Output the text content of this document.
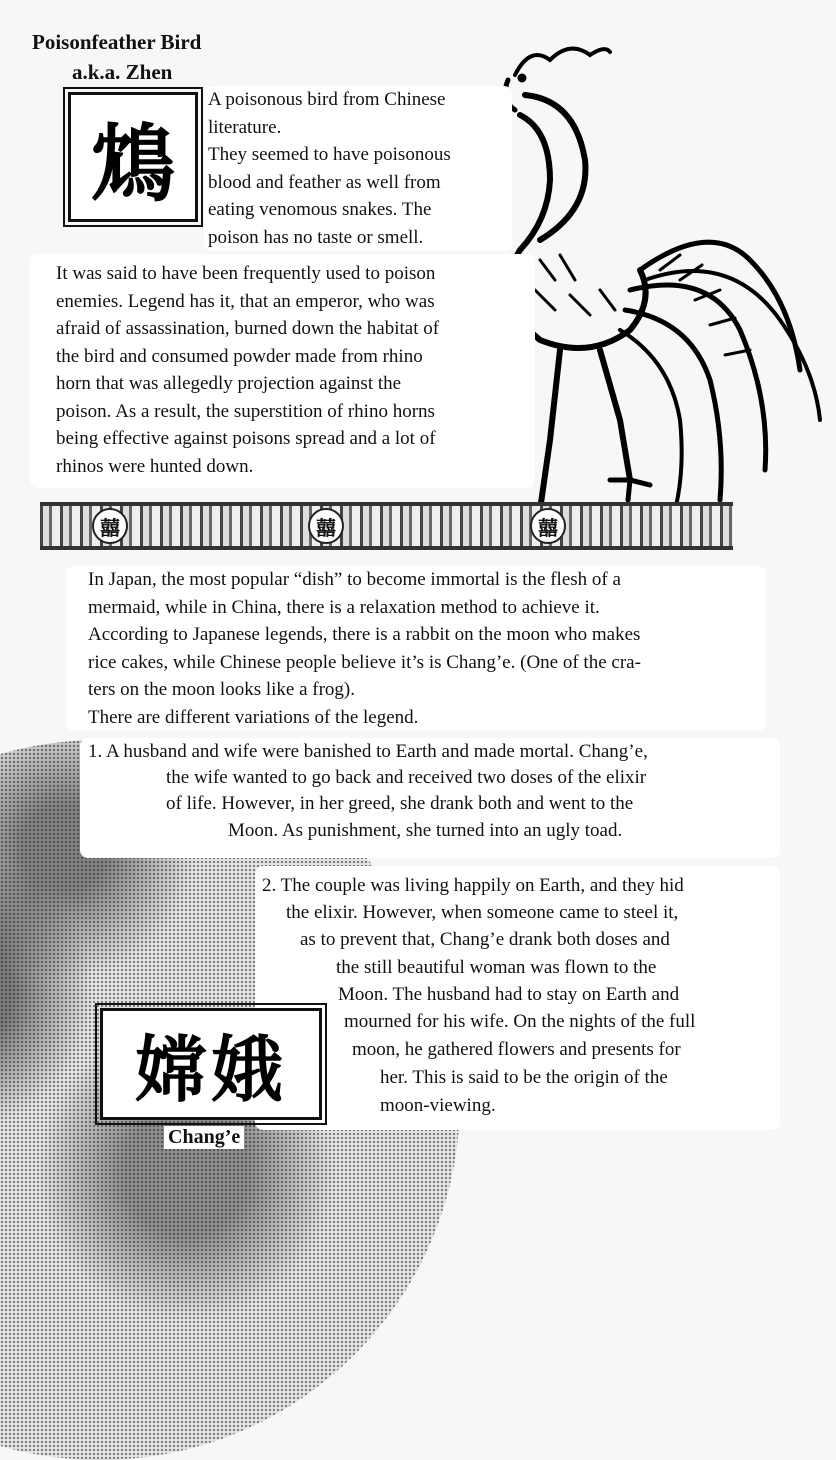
Poisonfeather Bird
a.k.a. Zhen
鴆
A poisonous bird from Chinese
literature.
They seemed to have poisonous
blood and feather as well from
eating venomous snakes. The
poison has no taste or smell.
It was said to have been frequently used to poison
enemies. Legend has it, that an emperor, who was
afraid of assassination, burned down the habitat of
the bird and consumed powder made from rhino
horn that was allegedly projection against the
poison. As a result, the superstition of rhino horns
being effective against poisons spread and a lot of
rhinos were hunted down.
囍	囍	囍
In Japan, the most popular “dish” to become immortal is the flesh of a
mermaid, while in China, there is a relaxation method to achieve it.
According to Japanese legends, there is a rabbit on the moon who makes
rice cakes, while Chinese people believe it’s is Chang’e. (One of the cra-
ters on the moon looks like a frog).
There are different variations of the legend.
1. A husband and wife were banished to Earth and made mortal. Chang’e,
the wife wanted to go back and received two doses of the elixir
of life. However, in her greed, she drank both and went to the
Moon. As punishment, she turned into an ugly toad.
2. The couple was living happily on Earth, and they hid
the elixir. However, when someone came to steel it,
as to prevent that, Chang’e drank both doses and
the still beautiful woman was flown to the
Moon. The husband had to stay on Earth and
mourned for his wife. On the nights of the full
moon, he gathered flowers and presents for
her. This is said to be the origin of the
moon-viewing.
嫦娥
Chang’e
